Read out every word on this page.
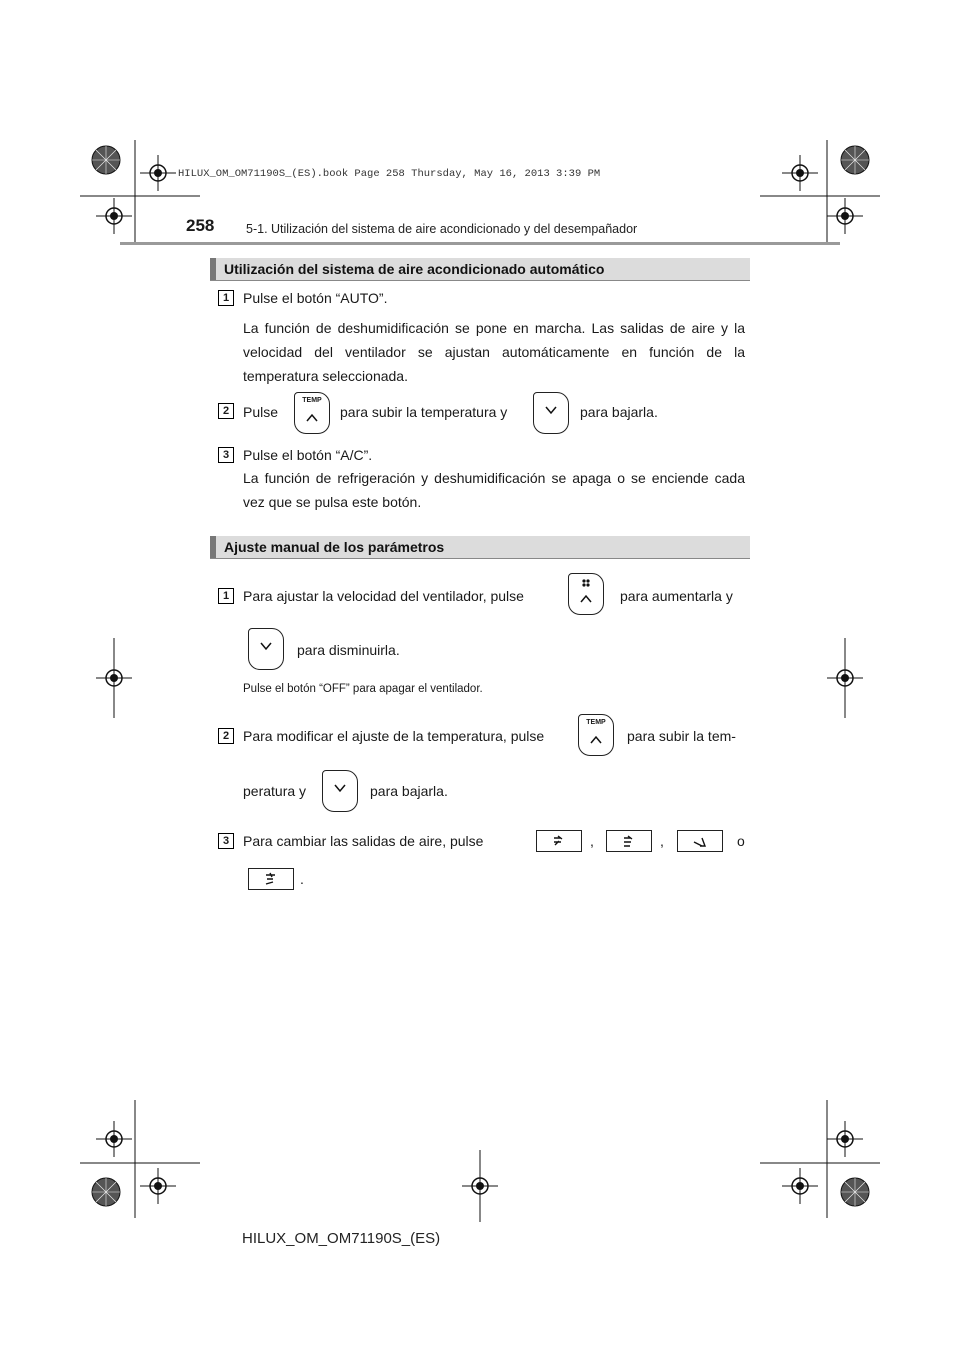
HILUX_OM_OM71190S_(ES).book Page 258 Thursday, May 16, 2013 3:39 PM
258	5-1. Utilización del sistema de aire acondicionado y del desempañador
Utilización del sistema de aire acondicionado automático
1 Pulse el botón “AUTO”.
La función de deshumidificación se pone en marcha. Las salidas de aire y la velocidad del ventilador se ajustan automáticamente en función de la temperatura seleccionada.
2 Pulse
TEMP
para subir la temperatura y	para bajarla.
3 Pulse el botón “A/C”.
La función de refrigeración y deshumidificación se apaga o se enciende cada vez que se pulsa este botón.
Ajuste manual de los parámetros
1 Para ajustar la velocidad del ventilador, pulse	para aumentarla y
para disminuirla.
Pulse el botón “OFF” para apagar el ventilador.
2 Para modificar el ajuste de la temperatura, pulse
TEMP
para subir la tem-
peratura y	para bajarla.
3 Para cambiar las salidas de aire, pulse	,	,	o
.
HILUX_OM_OM71190S_(ES)
